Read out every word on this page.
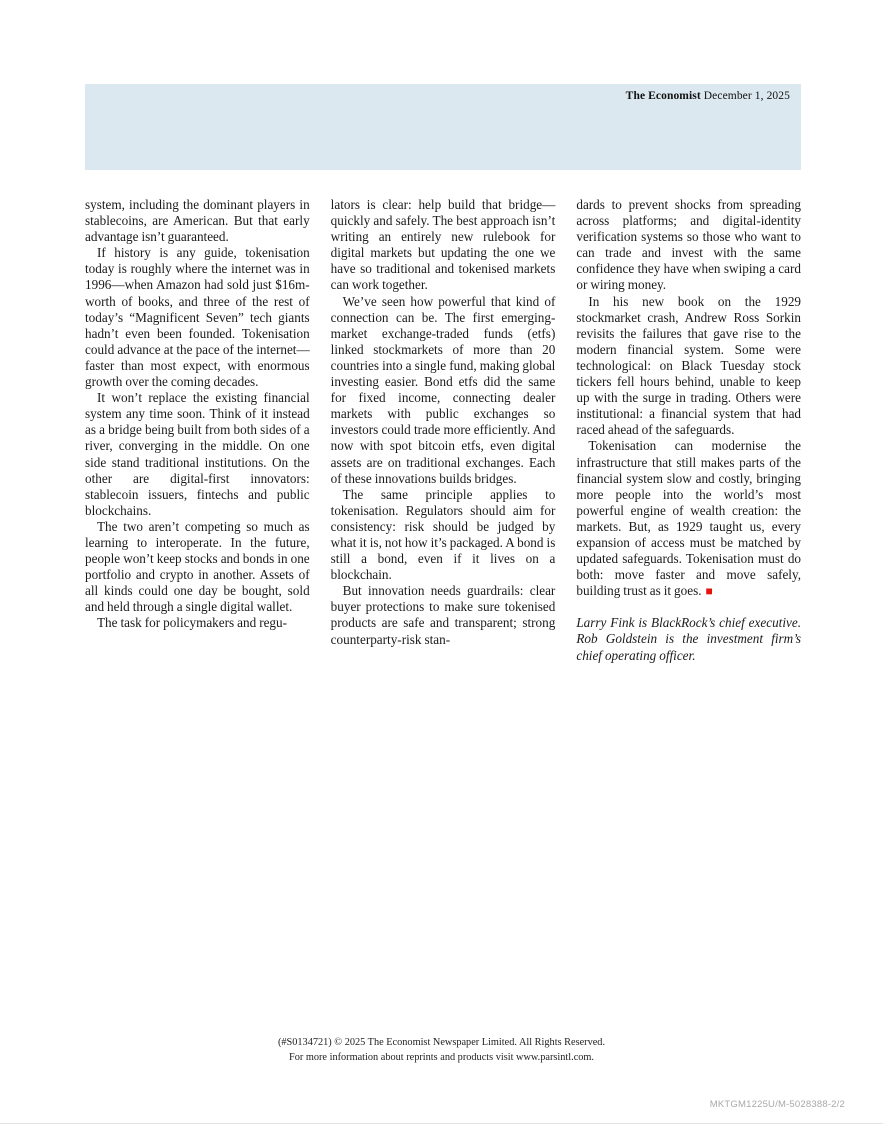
The Economist December 1, 2025

system, including the dominant players in stablecoins, are American. But that early advantage isn’t guaranteed.

If history is any guide, tokenisation today is roughly where the internet was in 1996—when Amazon had sold just $16m-worth of books, and three of the rest of today’s “Magnificent Seven” tech giants hadn’t even been founded. Tokenisation could advance at the pace of the internet—faster than most expect, with enormous growth over the coming decades.

It won’t replace the existing financial system any time soon. Think of it instead as a bridge being built from both sides of a river, converging in the middle. On one side stand traditional institutions. On the other are digital-first innovators: stablecoin issuers, fintechs and public blockchains.

The two aren’t competing so much as learning to interoperate. In the future, people won’t keep stocks and bonds in one portfolio and crypto in another. Assets of all kinds could one day be bought, sold and held through a single digital wallet.

The task for policymakers and regu-

lators is clear: help build that bridge—quickly and safely. The best approach isn’t writing an entirely new rulebook for digital markets but updating the one we have so traditional and tokenised markets can work together.

We’ve seen how powerful that kind of connection can be. The first emerging-market exchange-traded funds (etfs) linked stockmarkets of more than 20 countries into a single fund, making global investing easier. Bond etfs did the same for fixed income, connecting dealer markets with public exchanges so investors could trade more efficiently. And now with spot bitcoin etfs, even digital assets are on traditional exchanges. Each of these innovations builds bridges.

The same principle applies to tokenisation. Regulators should aim for consistency: risk should be judged by what it is, not how it’s packaged. A bond is still a bond, even if it lives on a blockchain.

But innovation needs guardrails: clear buyer protections to make sure tokenised products are safe and transparent; strong counterparty-risk stan-

dards to prevent shocks from spreading across platforms; and digital-identity verification systems so those who want to can trade and invest with the same confidence they have when swiping a card or wiring money.

In his new book on the 1929 stockmarket crash, Andrew Ross Sorkin revisits the failures that gave rise to the modern financial system. Some were technological: on Black Tuesday stock tickers fell hours behind, unable to keep up with the surge in trading. Others were institutional: a financial system that had raced ahead of the safeguards.

Tokenisation can modernise the infrastructure that still makes parts of the financial system slow and costly, bringing more people into the world’s most powerful engine of wealth creation: the markets. But, as 1929 taught us, every expansion of access must be matched by updated safeguards. Tokenisation must do both: move faster and move safely, building trust as it goes. ■

Larry Fink is BlackRock’s chief executive. Rob Goldstein is the investment firm’s chief operating officer.

(#S0134721) © 2025 The Economist Newspaper Limited. All Rights Reserved.
For more information about reprints and products visit www.parsintl.com.
MKTGM1225U/M-5028388-2/2
